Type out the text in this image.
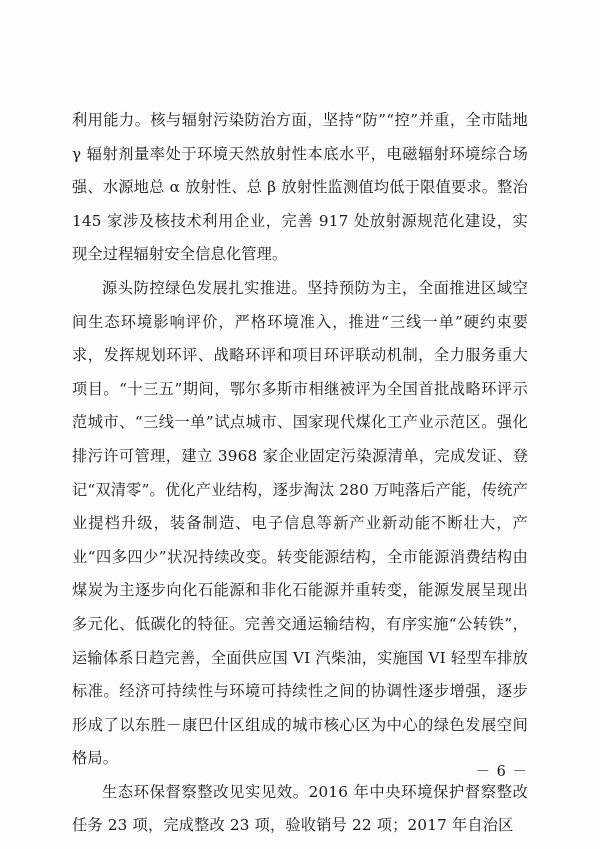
利用能力。核与辐射污染防治方面，坚持“防”“控”并重，全市陆地 γ 辐射剂量率处于环境天然放射性本底水平，电磁辐射环境综合场强、水源地总 α 放射性、总 β 放射性监测值均低于限值要求。整治 145 家涉及核技术利用企业，完善 917 处放射源规范化建设，实现全过程辐射安全信息化管理。

源头防控绿色发展扎实推进。坚持预防为主，全面推进区域空间生态环境影响评价，严格环境准入，推进“三线一单”硬约束要求，发挥规划环评、战略环评和项目环评联动机制，全力服务重大项目。“十三五”期间，鄂尔多斯市相继被评为全国首批战略环评示范城市、“三线一单”试点城市、国家现代煤化工产业示范区。强化排污许可管理，建立 3968 家企业固定污染源清单，完成发证、登记“双清零”。优化产业结构，逐步淘汰 280 万吨落后产能，传统产业提档升级，装备制造、电子信息等新产业新动能不断壮大，产业“四多四少”状况持续改变。转变能源结构，全市能源消费结构由煤炭为主逐步向化石能源和非化石能源并重转变，能源发展呈现出多元化、低碳化的特征。完善交通运输结构，有序实施“公转铁”，运输体系日趋完善，全面供应国 VI 汽柴油，实施国 VI 轻型车排放标准。经济可持续性与环境可持续性之间的协调性逐步增强，逐步形成了以东胜－康巴什区组成的城市核心区为中心的绿色发展空间格局。

生态环保督察整改见实见效。2016 年中央环境保护督察整改任务 23 项，完成整改 23 项，验收销号 22 项；2017 年自治区

－ 6 －
